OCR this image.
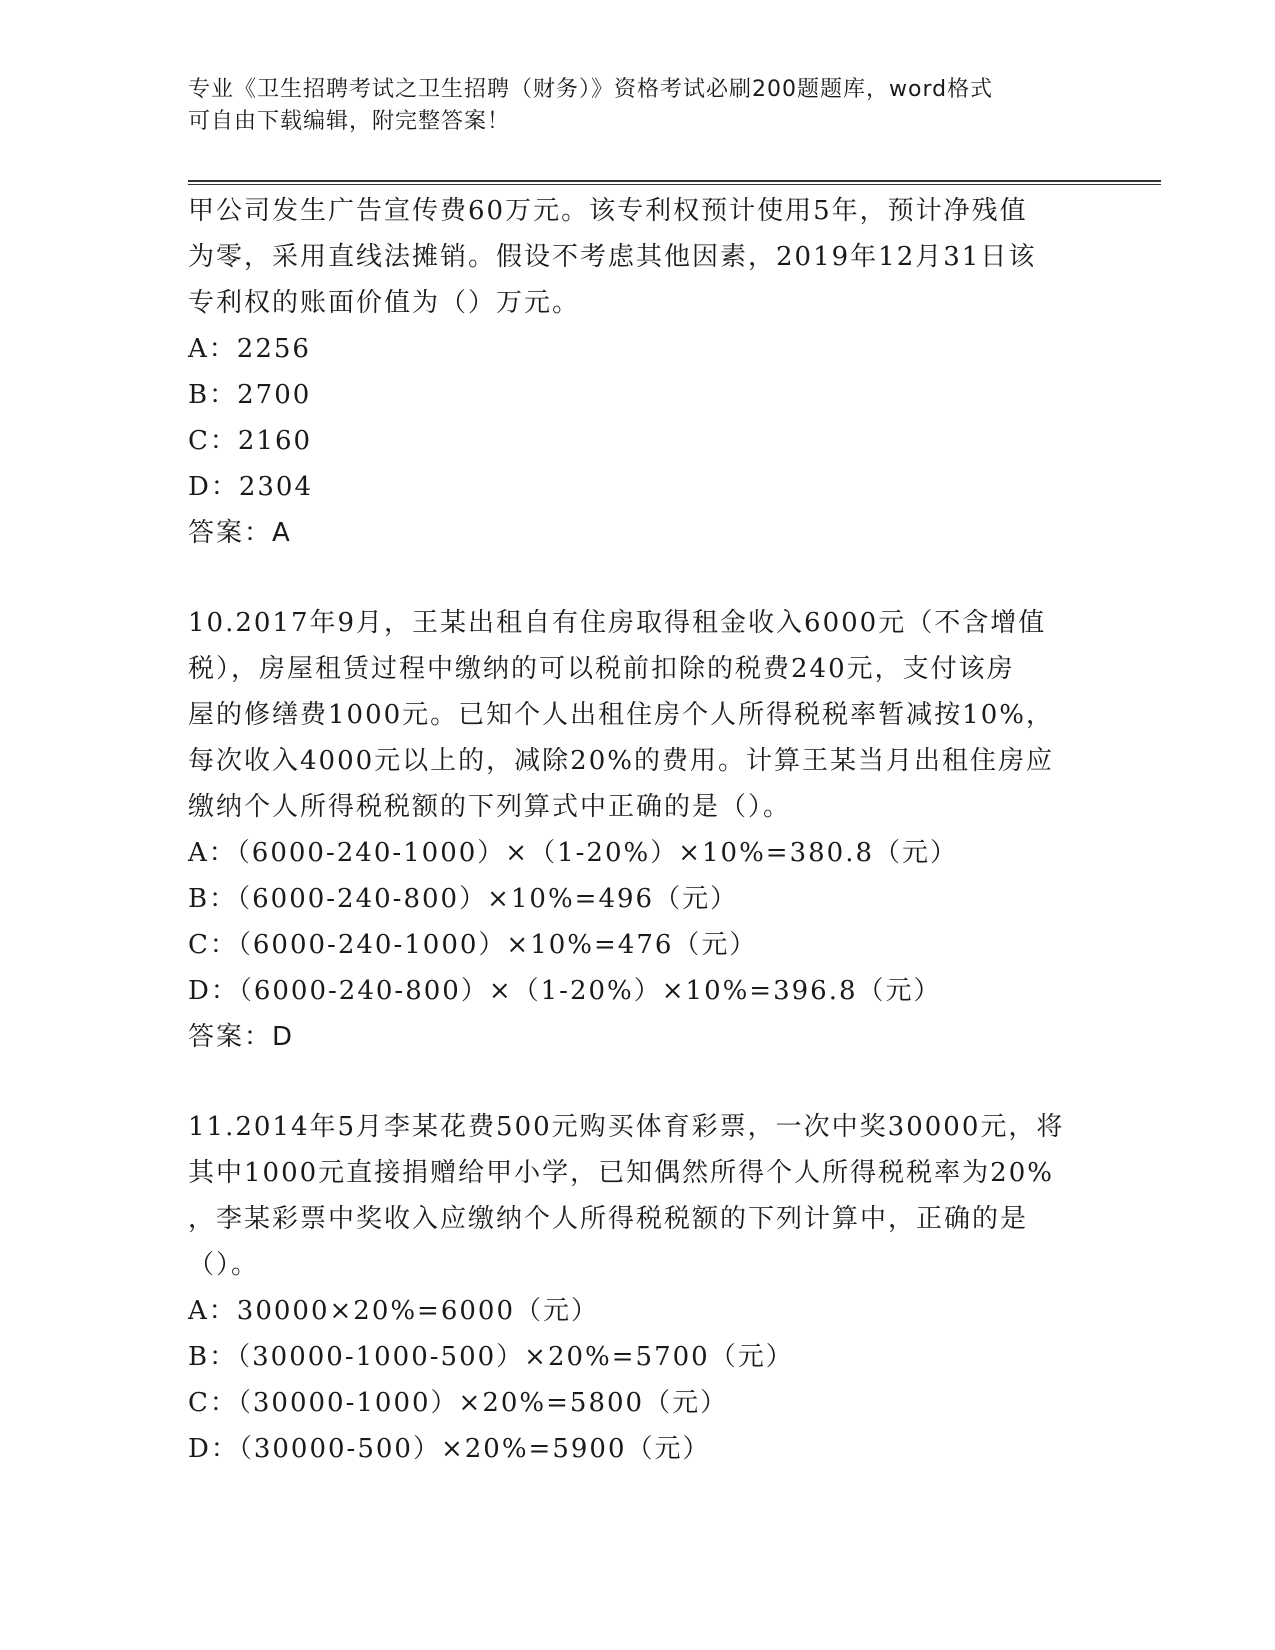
专业《卫生招聘考试之卫生招聘（财务）》资格考试必刷200题题库，word格式
可自由下载编辑，附完整答案！
甲公司发生广告宣传费60万元。该专利权预计使用5年，预计净残值
为零，采用直线法摊销。假设不考虑其他因素，2019年12月31日该
专利权的账面价值为（）万元。
A：2256
B：2700
C：2160
D：2304
答案：A
10.2017年9月，王某出租自有住房取得租金收入6000元（不含增值
税），房屋租赁过程中缴纳的可以税前扣除的税费240元，支付该房
屋的修缮费1000元。已知个人出租住房个人所得税税率暂减按10%，
每次收入4000元以上的，减除20%的费用。计算王某当月出租住房应
缴纳个人所得税税额的下列算式中正确的是（）。
A：（6000-240-1000）×（1-20%）×10%=380.8（元）
B：（6000-240-800）×10%=496（元）
C：（6000-240-1000）×10%=476（元）
D：（6000-240-800）×（1-20%）×10%=396.8（元）
答案：D
11.2014年5月李某花费500元购买体育彩票，一次中奖30000元，将
其中1000元直接捐赠给甲小学，已知偶然所得个人所得税税率为20%
，李某彩票中奖收入应缴纳个人所得税税额的下列计算中，正确的是
（）。
A：30000×20%=6000（元）
B：（30000-1000-500）×20%=5700（元）
C：（30000-1000）×20%=5800（元）
D：（30000-500）×20%=5900（元）
